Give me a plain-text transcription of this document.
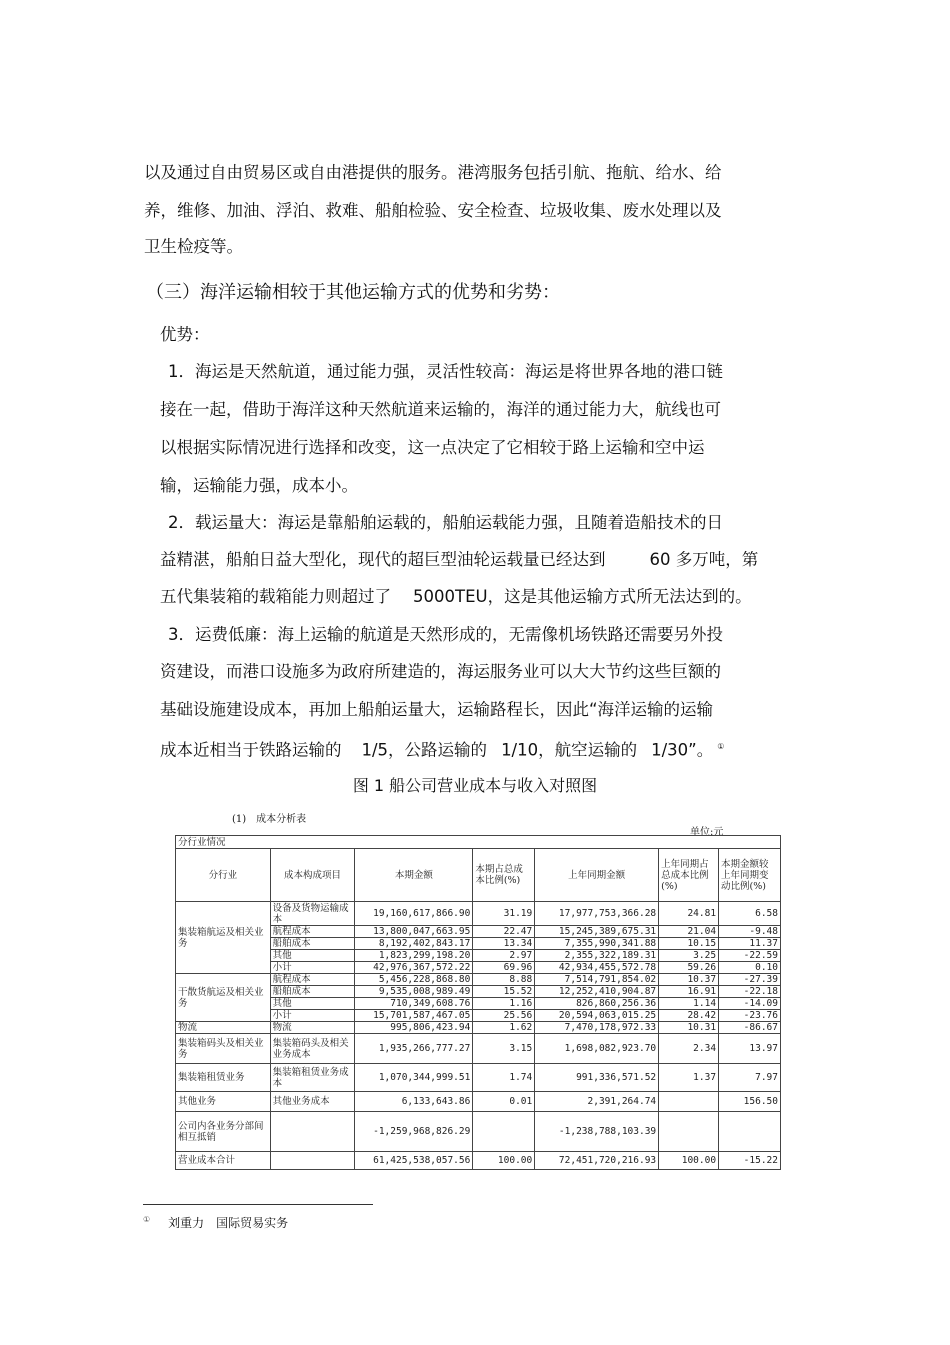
以及通过自由贸易区或自由港提供的服务。港湾服务包括引航、拖航、给水、给
养，维修、加油、浮泊、救难、船舶检验、安全检查、垃圾收集、废水处理以及
卫生检疫等。
（三）海洋运输相较于其他运输方式的优势和劣势：
优势：
1．海运是天然航道，通过能力强，灵活性较高：海运是将世界各地的港口链
接在一起，借助于海洋这种天然航道来运输的，海洋的通过能力大，航线也可
以根据实际情况进行选择和改变，这一点决定了它相较于路上运输和空中运
输，运输能力强，成本小。
2．载运量大：海运是靠船舶运载的，船舶运载能力强，且随着造船技术的日
益精湛，船舶日益大型化，现代的超巨型油轮运载量已经达到	60 多万吨，第
五代集装箱的载箱能力则超过了 5000TEU，这是其他运输方式所无法达到的。
3．运费低廉：海上运输的航道是天然形成的，无需像机场铁路还需要另外投
资建设，而港口设施多为政府所建造的，海运服务业可以大大节约这些巨额的
基础设施建设成本，再加上船舶运量大，运输路程长，因此“海洋运输的运输
成本近相当于铁路运输的 1/5，公路运输的 1/10，航空运输的 1/30”。 ①
图 1 船公司营业成本与收入对照图
(1)　成本分析表
单位:元
分行业情况						
分行业	成本构成项目	本期金额	本期占总成本比例(%)	上年同期金额	上年同期占总成本比例(%)	本期金额较上年同期变动比例(%)
集装箱航运及相关业务	设备及货物运输成本	19,160,617,866.90	31.19	17,977,753,366.28	24.81	6.58
	航程成本	13,800,047,663.95	22.47	15,245,389,675.31	21.04	-9.48
	船舶成本	8,192,402,843.17	13.34	7,355,990,341.88	10.15	11.37
	其他	1,823,299,198.20	2.97	2,355,322,189.31	3.25	-22.59
	小计	42,976,367,572.22	69.96	42,934,455,572.78	59.26	0.10
干散货航运及相关业务	航程成本	5,456,228,868.80	8.88	7,514,791,854.02	10.37	-27.39
	船舶成本	9,535,008,989.49	15.52	12,252,410,904.87	16.91	-22.18
	其他	710,349,608.76	1.16	826,860,256.36	1.14	-14.09
	小计	15,701,587,467.05	25.56	20,594,063,015.25	28.42	-23.76
物流	物流	995,806,423.94	1.62	7,470,178,972.33	10.31	-86.67
集装箱码头及相关业务	集装箱码头及相关业务成本	1,935,266,777.27	3.15	1,698,082,923.70	2.34	13.97
集装箱租赁业务	集装箱租赁业务成本	1,070,344,999.51	1.74	991,336,571.52	1.37	7.97
其他业务	其他业务成本	6,133,643.86	0.01	2,391,264.74		156.50
公司内各业务分部间相互抵销		-1,259,968,826.29		-1,238,788,103.39		
营业成本合计		61,425,538,057.56	100.00	72,451,720,216.93	100.00	-15.22
① 刘重力　国际贸易实务
